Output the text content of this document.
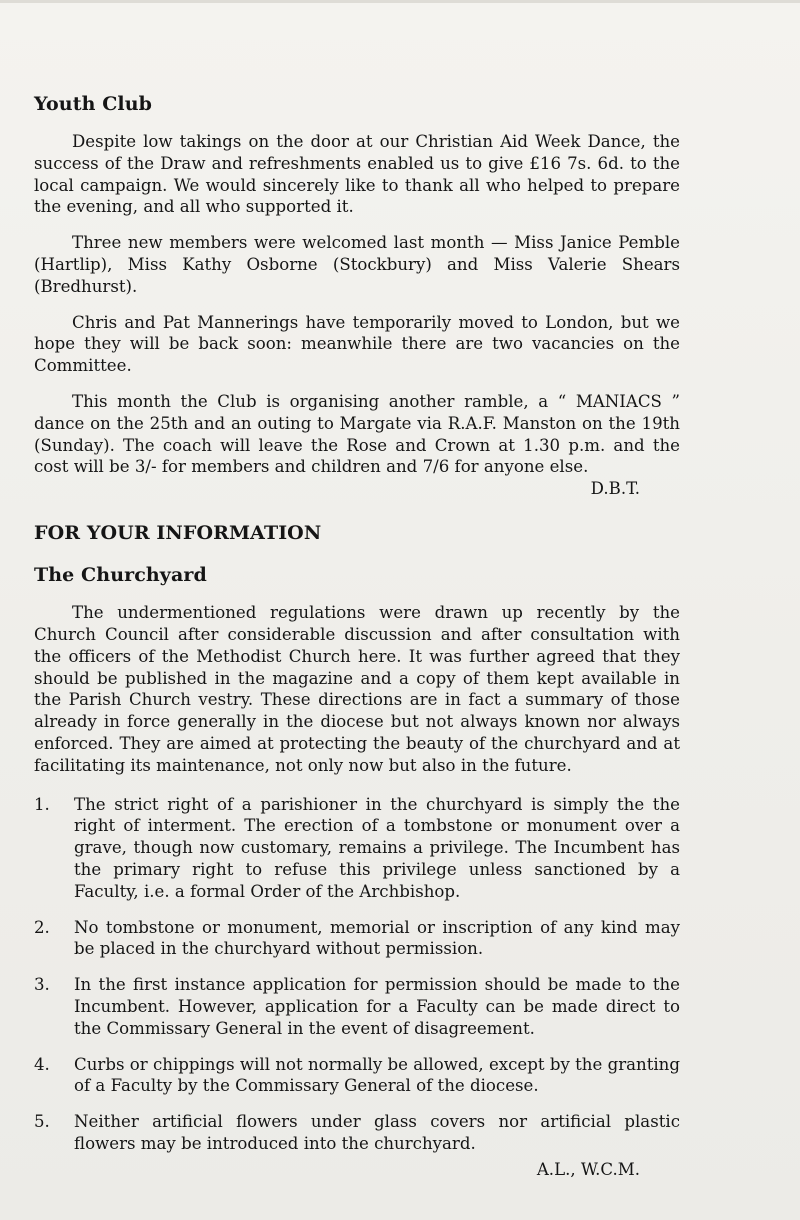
Youth Club

Despite low takings on the door at our Christian Aid Week Dance, the success of the Draw and refreshments enabled us to give £16 7s. 6d. to the local campaign. We would sincerely like to thank all who helped to prepare the evening, and all who supported it.

Three new members were welcomed last month — Miss Janice Pemble (Hartlip), Miss Kathy Osborne (Stockbury) and Miss Valerie Shears (Bredhurst).

Chris and Pat Mannerings have temporarily moved to London, but we hope they will be back soon: meanwhile there are two vacancies on the Committee.

This month the Club is organising another ramble, a “ MANIACS ” dance on the 25th and an outing to Margate via R.A.F. Manston on the 19th (Sunday). The coach will leave the Rose and Crown at 1.30 p.m. and the cost will be 3/- for members and children and 7/6 for anyone else.

D.B.T.
FOR YOUR INFORMATION
The Churchyard

The undermentioned regulations were drawn up recently by the Church Council after considerable discussion and after consultation with the officers of the Methodist Church here. It was further agreed that they should be published in the magazine and a copy of them kept available in the Parish Church vestry. These directions are in fact a summary of those already in force generally in the diocese but not always known nor always enforced. They are aimed at protecting the beauty of the churchyard and at facilitating its maintenance, not only now but also in the future.

1. The strict right of a parishioner in the churchyard is simply the the right of interment. The erection of a tombstone or monument over a grave, though now customary, remains a privilege. The Incumbent has the primary right to refuse this privilege unless sanctioned by a Faculty, i.e. a formal Order of the Archbishop.
2. No tombstone or monument, memorial or inscription of any kind may be placed in the churchyard without permission.
3. In the first instance application for permission should be made to the Incumbent. However, application for a Faculty can be made direct to the Commissary General in the event of disagreement.
4. Curbs or chippings will not normally be allowed, except by the granting of a Faculty by the Commissary General of the diocese.
5. Neither artificial flowers under glass covers nor artificial plastic flowers may be introduced into the churchyard.
A.L., W.C.M.
